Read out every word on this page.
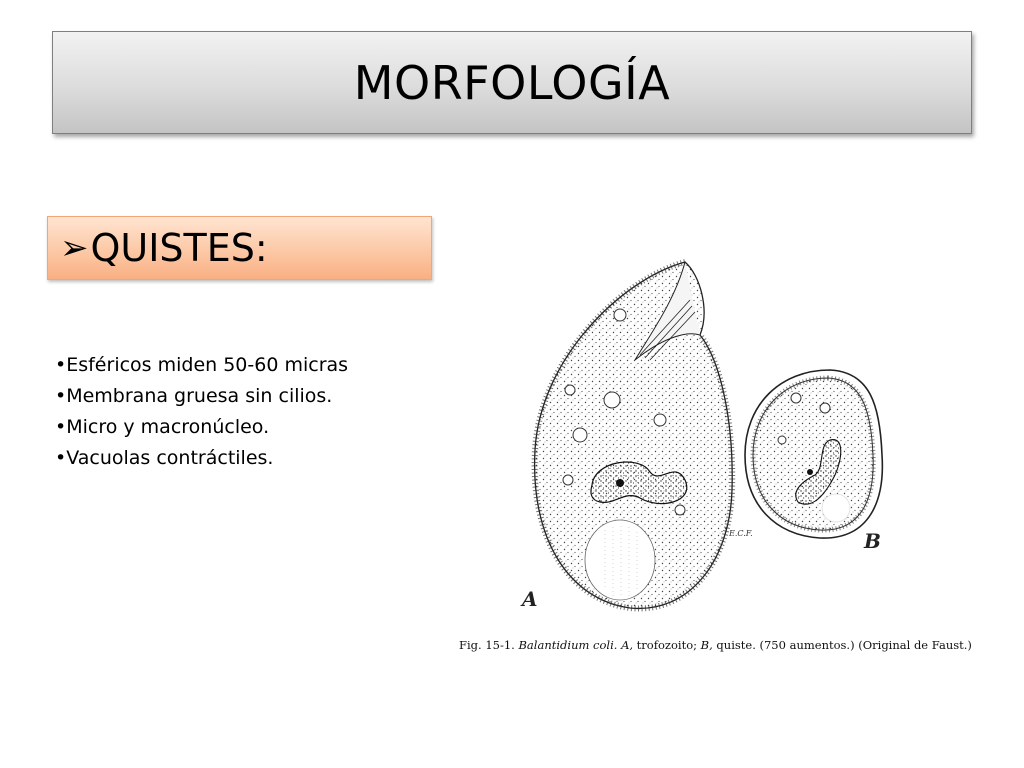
MORFOLOGÍA
➢ QUISTES:
• Esféricos miden 50-60 micras
• Membrana gruesa sin cilios.
• Micro y macronúcleo.
• Vacuolas contráctiles.
A
E.C.F.	B
Fig. 15-1. Balantidium coli. A, trofozoito; B, quiste. (750 aumentos.) (Original de Faust.)
